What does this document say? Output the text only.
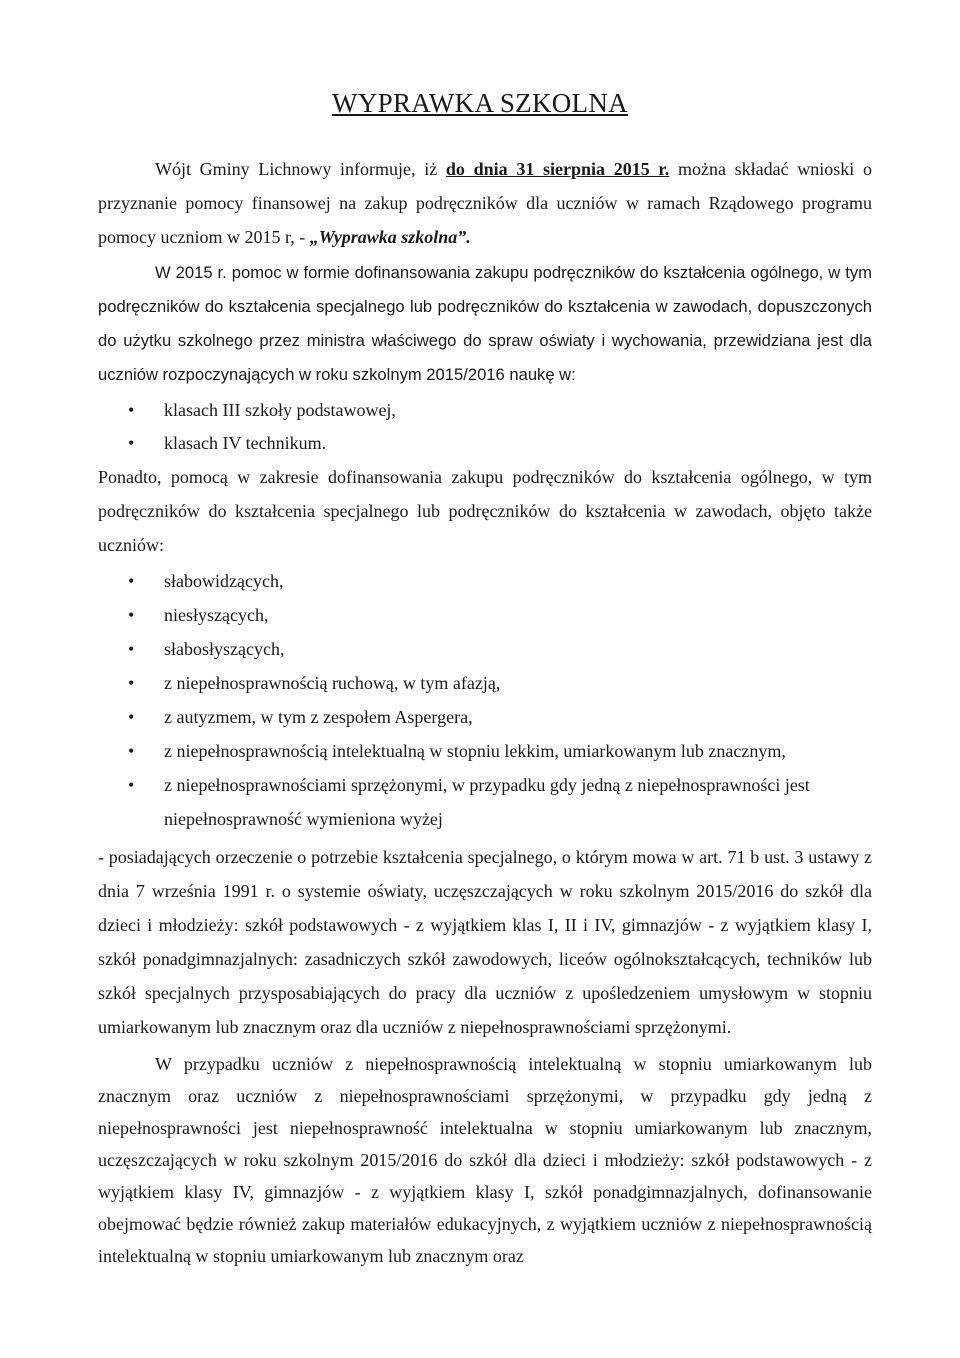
WYPRAWKA SZKOLNA

Wójt Gminy Lichnowy informuje, iż do dnia 31 sierpnia 2015 r. można składać wnioski o przyznanie pomocy finansowej na zakup podręczników dla uczniów w ramach Rządowego programu pomocy uczniom w 2015 r, - „Wyprawka szkolna”.

W 2015 r. pomoc w formie dofinansowania zakupu podręczników do kształcenia ogólnego, w tym podręczników do kształcenia specjalnego lub podręczników do kształcenia w zawodach, dopuszczonych do użytku szkolnego przez ministra właściwego do spraw oświaty i wychowania, przewidziana jest dla uczniów rozpoczynających w roku szkolnym 2015/2016 naukę w:

• klasach III szkoły podstawowej,
• klasach IV technikum.

Ponadto, pomocą w zakresie dofinansowania zakupu podręczników do kształcenia ogólnego, w tym podręczników do kształcenia specjalnego lub podręczników do kształcenia w zawodach, objęto także uczniów:

• słabowidzących,
• niesłyszących,
• słabosłyszących,
• z niepełnosprawnością ruchową, w tym afazją,
• z autyzmem, w tym z zespołem Aspergera,
• z niepełnosprawnością intelektualną w stopniu lekkim, umiarkowanym lub znacznym,
• z niepełnosprawnościami sprzężonymi, w przypadku gdy jedną z niepełnosprawności jest niepełnosprawność wymieniona wyżej

- posiadających orzeczenie o potrzebie kształcenia specjalnego, o którym mowa w art. 71 b ust. 3 ustawy z dnia 7 września 1991 r. o systemie oświaty, uczęszczających w roku szkolnym 2015/2016 do szkół dla dzieci i młodzieży: szkół podstawowych - z wyjątkiem klas I, II i IV, gimnazjów - z wyjątkiem klasy I, szkół ponadgimnazjalnych: zasadniczych szkół zawodowych, liceów ogólnokształcących, techników lub szkół specjalnych przysposabiających do pracy dla uczniów z upośledzeniem umysłowym w stopniu umiarkowanym lub znacznym oraz dla uczniów z niepełnosprawnościami sprzężonymi.

W przypadku uczniów z niepełnosprawnością intelektualną w stopniu umiarkowanym lub znacznym oraz uczniów z niepełnosprawnościami sprzężonymi, w przypadku gdy jedną z niepełnosprawności jest niepełnosprawność intelektualna w stopniu umiarkowanym lub znacznym, uczęszczających w roku szkolnym 2015/2016 do szkół dla dzieci i młodzieży: szkół podstawowych - z wyjątkiem klasy IV, gimnazjów - z wyjątkiem klasy I, szkół ponadgimnazjalnych, dofinansowanie obejmować będzie również zakup materiałów edukacyjnych, z wyjątkiem uczniów z niepełnosprawnością intelektualną w stopniu umiarkowanym lub znacznym oraz
